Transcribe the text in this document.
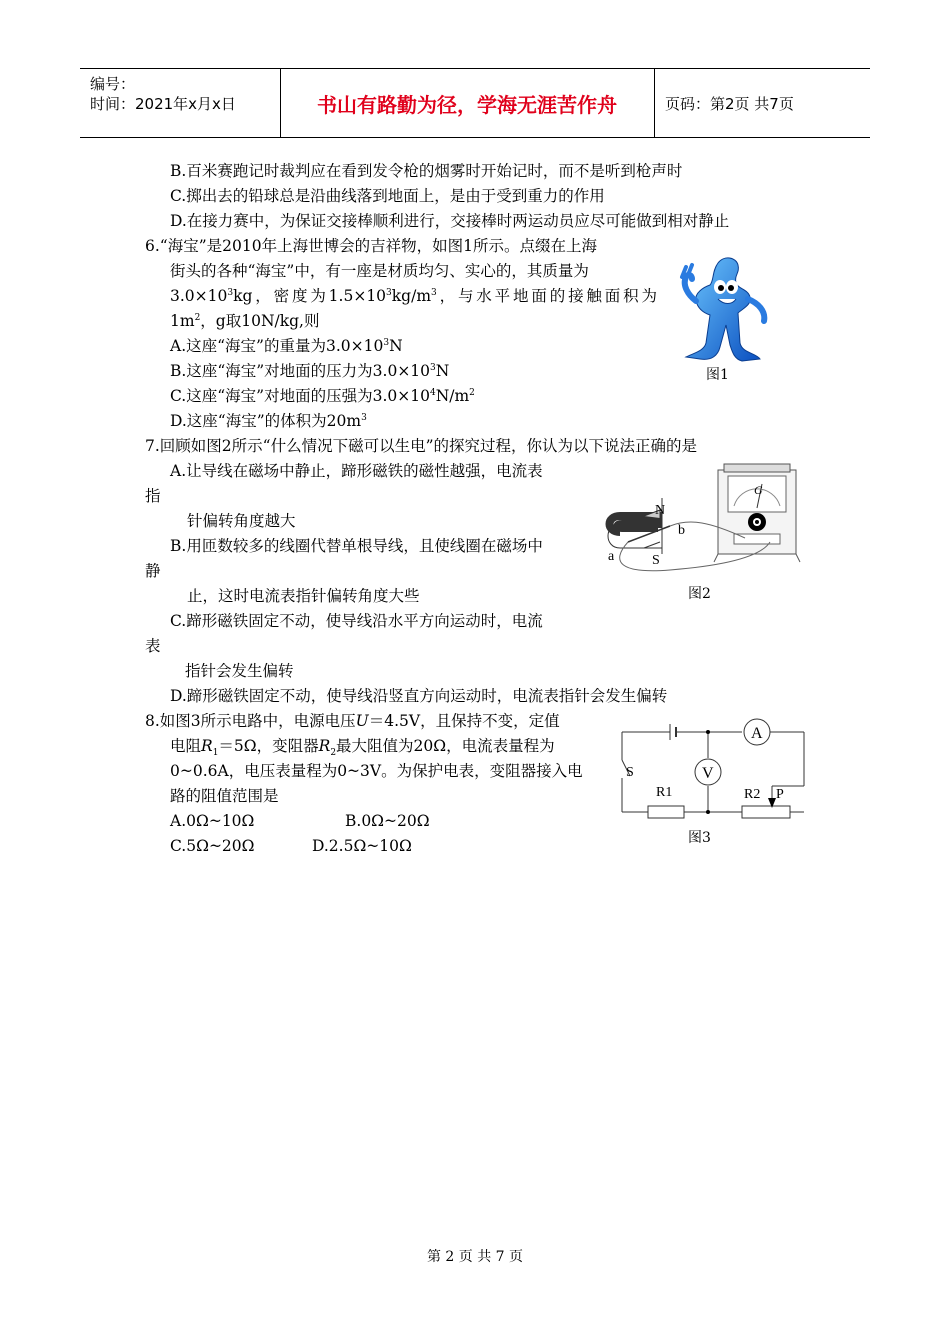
编号：
时间：2021年x月x日	书山有路勤为径，学海无涯苦作舟	页码：第2页 共7页
B.百米赛跑记时裁判应在看到发令枪的烟雾时开始记时，而不是听到枪声时
C.掷出去的铅球总是沿曲线落到地面上，是由于受到重力的作用
D.在接力赛中，为保证交接棒顺利进行，交接棒时两运动员应尽可能做到相对静止
6.“海宝”是2010年上海世博会的吉祥物，如图1所示。点缀在上海
街头的各种“海宝”中，有一座是材质均匀、实心的，其质量为
$3.0\times 10^3kg$，密度为$1.5\times 10^3kg/m^3$，与水平地面的接触面积为
$1m^2$，g取10N/kg,则
A.这座“海宝”的重量为$3.0\times 10^3N$
B.这座“海宝”对地面的压力为$3.0\times 10^3N$
C.这座“海宝”对地面的压强为$3.0\times 10^4N/m^2$
D.这座“海宝”的体积为$20m^3$
图1
7.回顾如图2所示“什么情况下磁可以生电”的探究过程，你认为以下说法正确的是
A.让导线在磁场中静止，蹄形磁铁的磁性越强，电流表
指
针偏转角度越大
B.用匝数较多的线圈代替单根导线，且使线圈在磁场中
静
止，这时电流表指针偏转角度大些
C.蹄形磁铁固定不动，使导线沿水平方向运动时，电流
表
指针会发生偏转
D.蹄形磁铁固定不动，使导线沿竖直方向运动时，电流表指针会发生偏转
N
S
a
b
G
图2
8.如图3所示电路中，电源电压U＝4.5V，且保持不变，定值
电阻$R_1=5\Omega$，变阻器$R_2$最大阻值为20Ω，电流表量程为
0~0.6A，电压表量程为0~3V。为保护电表，变阻器接入电
路的阻值范围是
A.0Ω~10Ω	B.0Ω~20Ω
C.5Ω~20Ω	D.2.5Ω~10Ω
A
V
S
R1	R2 P
图3
第 2 页 共 7 页
